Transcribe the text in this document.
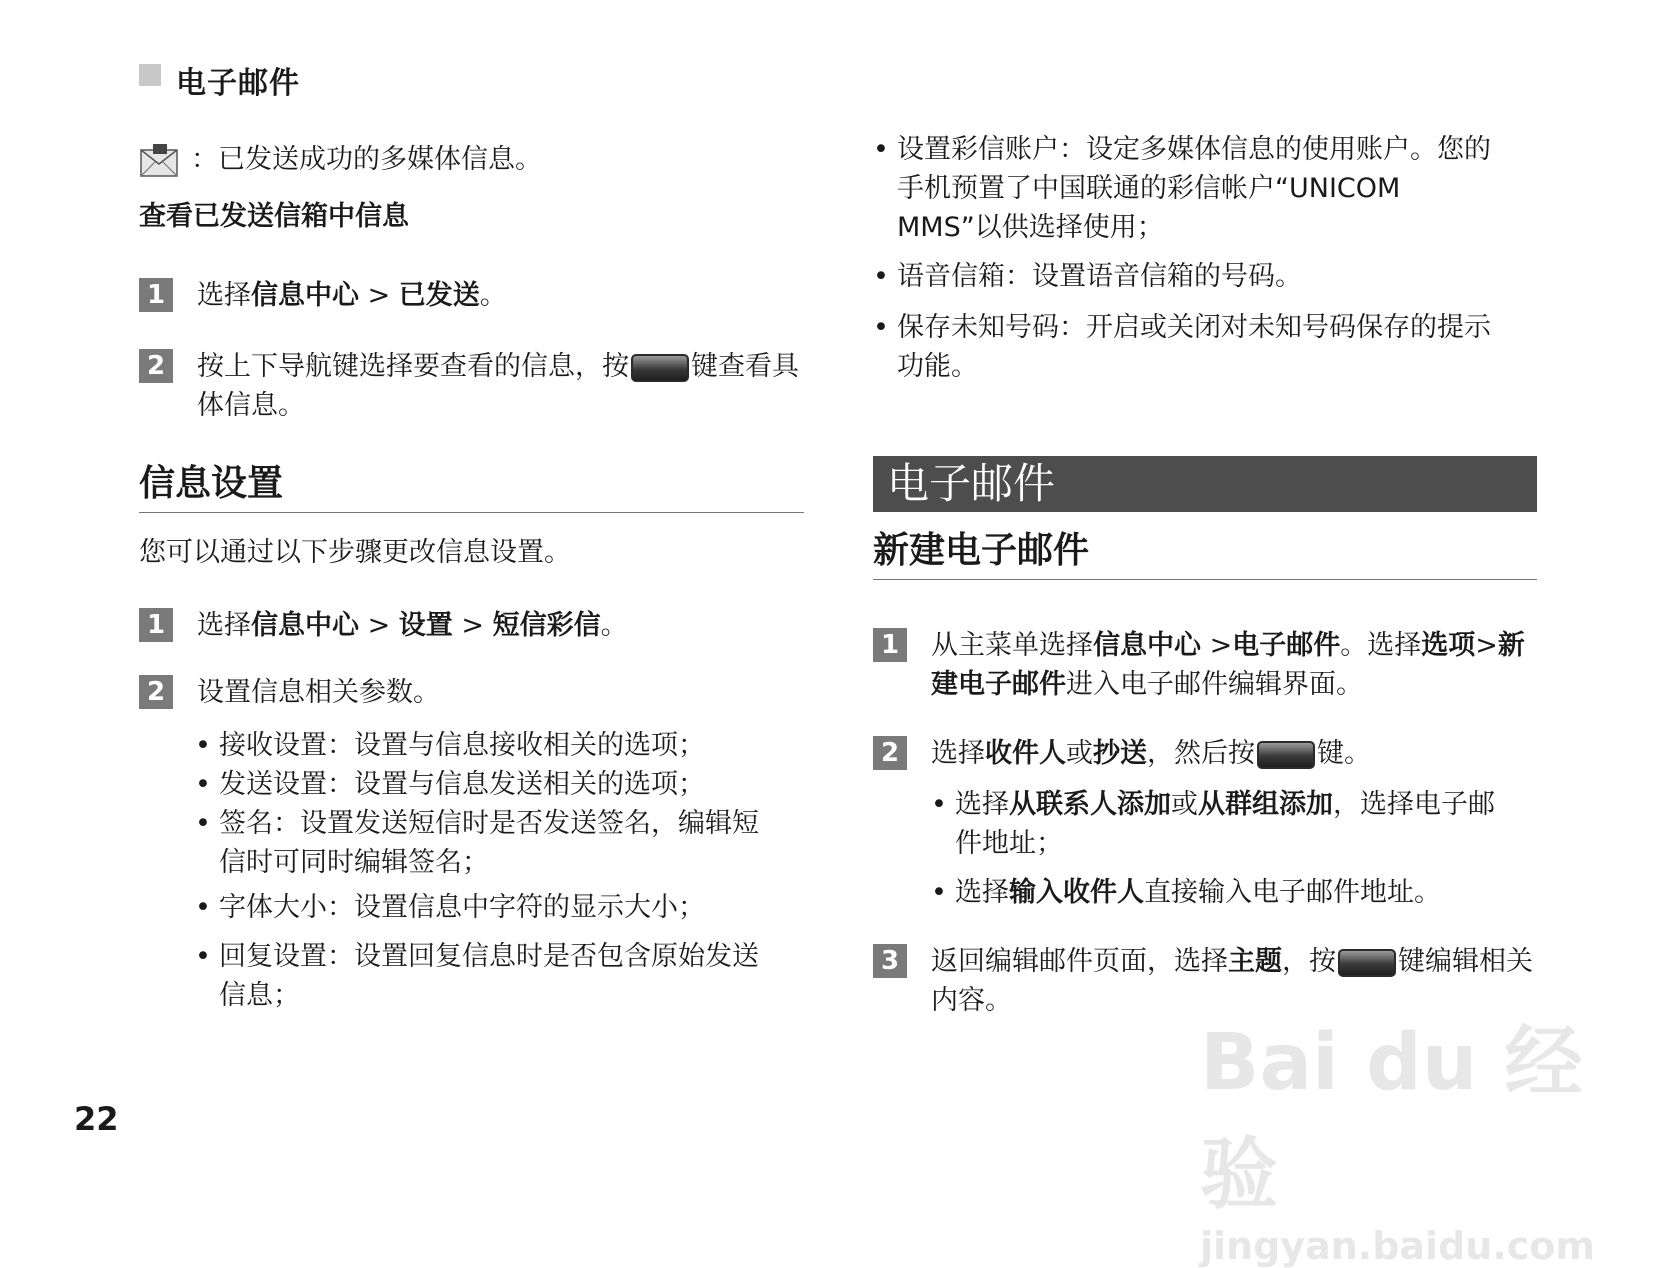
电子邮件

：已发送成功的多媒体信息。

查看已发送信箱中信息

1 选择信息中心 > 已发送。
2 按上下导航键选择要查看的信息，按 键查看具体信息。
信息设置

您可以通过以下步骤更改信息设置。

1 选择信息中心 > 设置 > 短信彩信。
2 设置信息相关参数。
• 接收设置：设置与信息接收相关的选项；
• 发送设置：设置与信息发送相关的选项；
• 签名：设置发送短信时是否发送签名，编辑短信时可同时编辑签名；
• 字体大小：设置信息中字符的显示大小；
• 回复设置：设置回复信息时是否包含原始发送信息；
• 设置彩信账户：设定多媒体信息的使用账户。您的手机预置了中国联通的彩信帐户“UNICOM MMS”以供选择使用；
• 语音信箱：设置语音信箱的号码。
• 保存未知号码：开启或关闭对未知号码保存的提示功能。
电子邮件
新建电子邮件
1 从主菜单选择信息中心 >电子邮件。选择选项>新建电子邮件进入电子邮件编辑界面。
2 选择收件人或抄送，然后按 键。
• 选择从联系人添加或从群组添加，选择电子邮件地址；
• 选择输入收件人直接输入电子邮件地址。
3 返回编辑邮件页面，选择主题，按 键编辑相关内容。
22
Bai du 经验
jingyan.baidu.com
